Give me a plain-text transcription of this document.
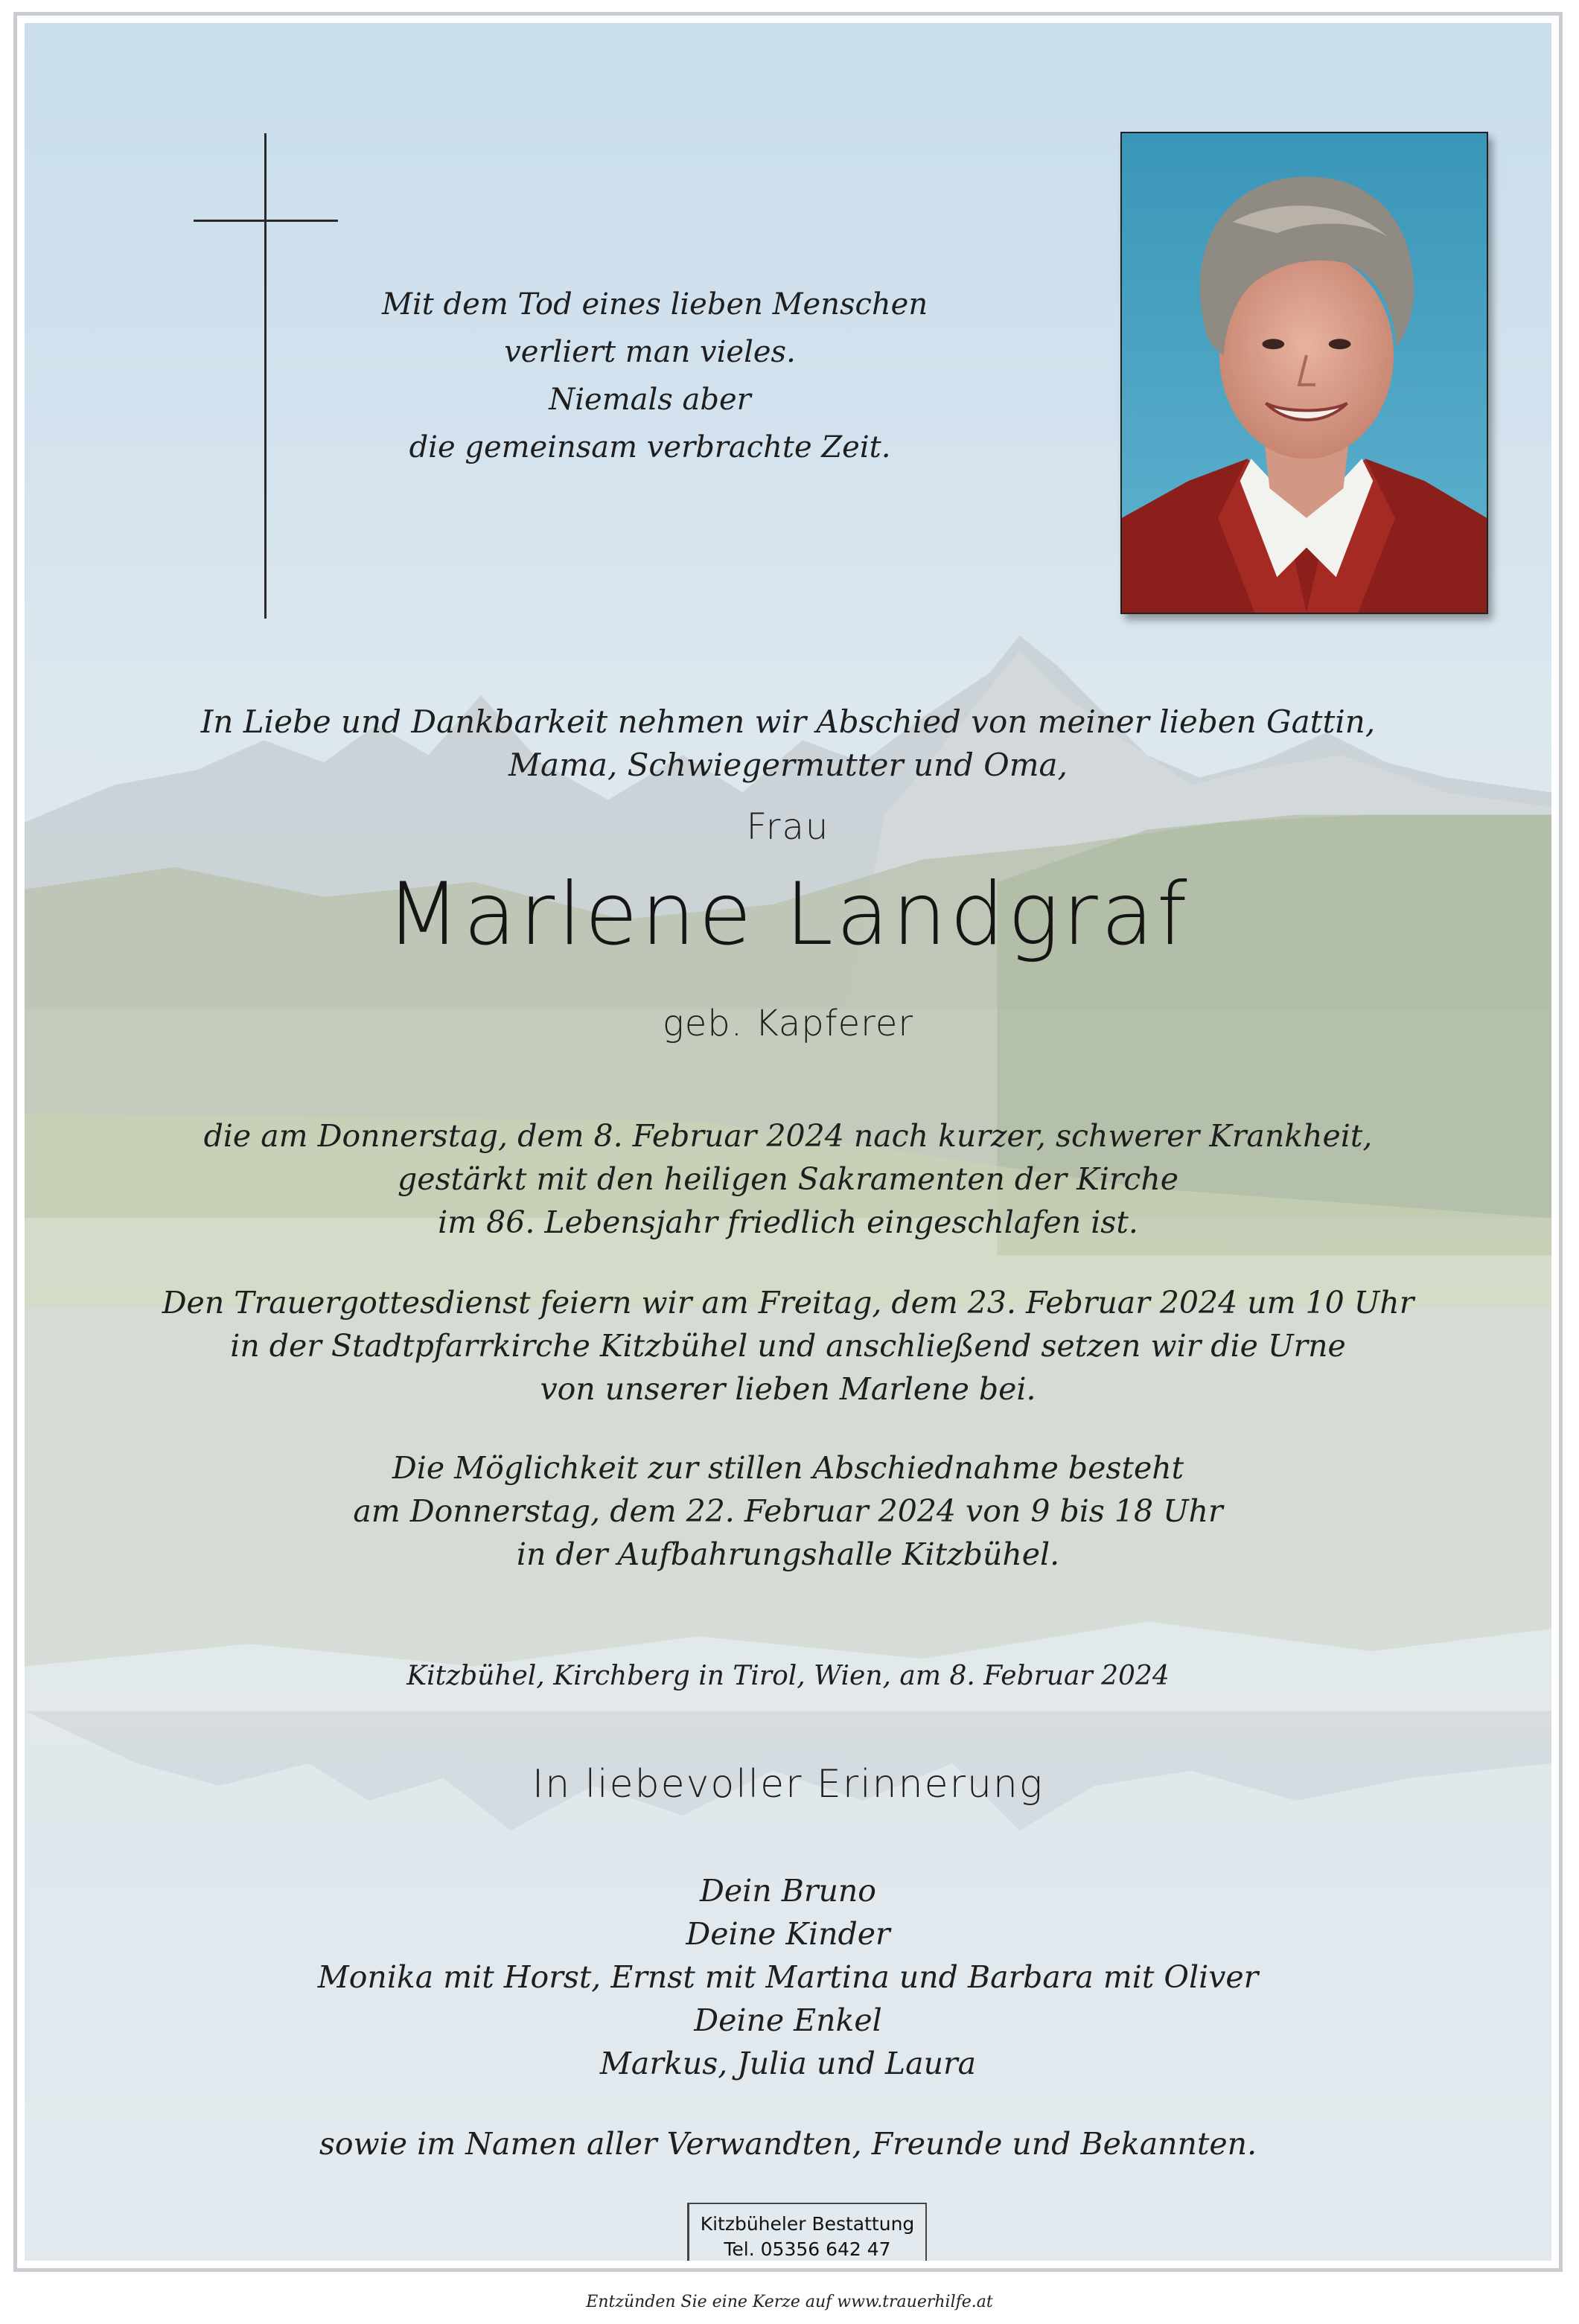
Mit dem Tod eines lieben Menschen
verliert man vieles.
Niemals aber
die gemeinsam verbrachte Zeit.
In Liebe und Dankbarkeit nehmen wir Abschied von meiner lieben Gattin,
Mama, Schwiegermutter und Oma,
Frau
Marlene Landgraf
geb. Kapferer
die am Donnerstag, dem 8. Februar 2024 nach kurzer, schwerer Krankheit,
gestärkt mit den heiligen Sakramenten der Kirche
im 86. Lebensjahr friedlich eingeschlafen ist.
Den Trauergottesdienst feiern wir am Freitag, dem 23. Februar 2024 um 10 Uhr
in der Stadtpfarrkirche Kitzbühel und anschließend setzen wir die Urne
von unserer lieben Marlene bei.
Die Möglichkeit zur stillen Abschiednahme besteht
am Donnerstag, dem 22. Februar 2024 von 9 bis 18 Uhr
in der Aufbahrungshalle Kitzbühel.
Kitzbühel, Kirchberg in Tirol, Wien, am 8. Februar 2024
In liebevoller Erinnerung
Dein Bruno
Deine Kinder
Monika mit Horst, Ernst mit Martina und Barbara mit Oliver
Deine Enkel
Markus, Julia und Laura
sowie im Namen aller Verwandten, Freunde und Bekannten.
Kitzbüheler Bestattung
Tel. 05356 642 47
Entzünden Sie eine Kerze auf www.trauerhilfe.at
